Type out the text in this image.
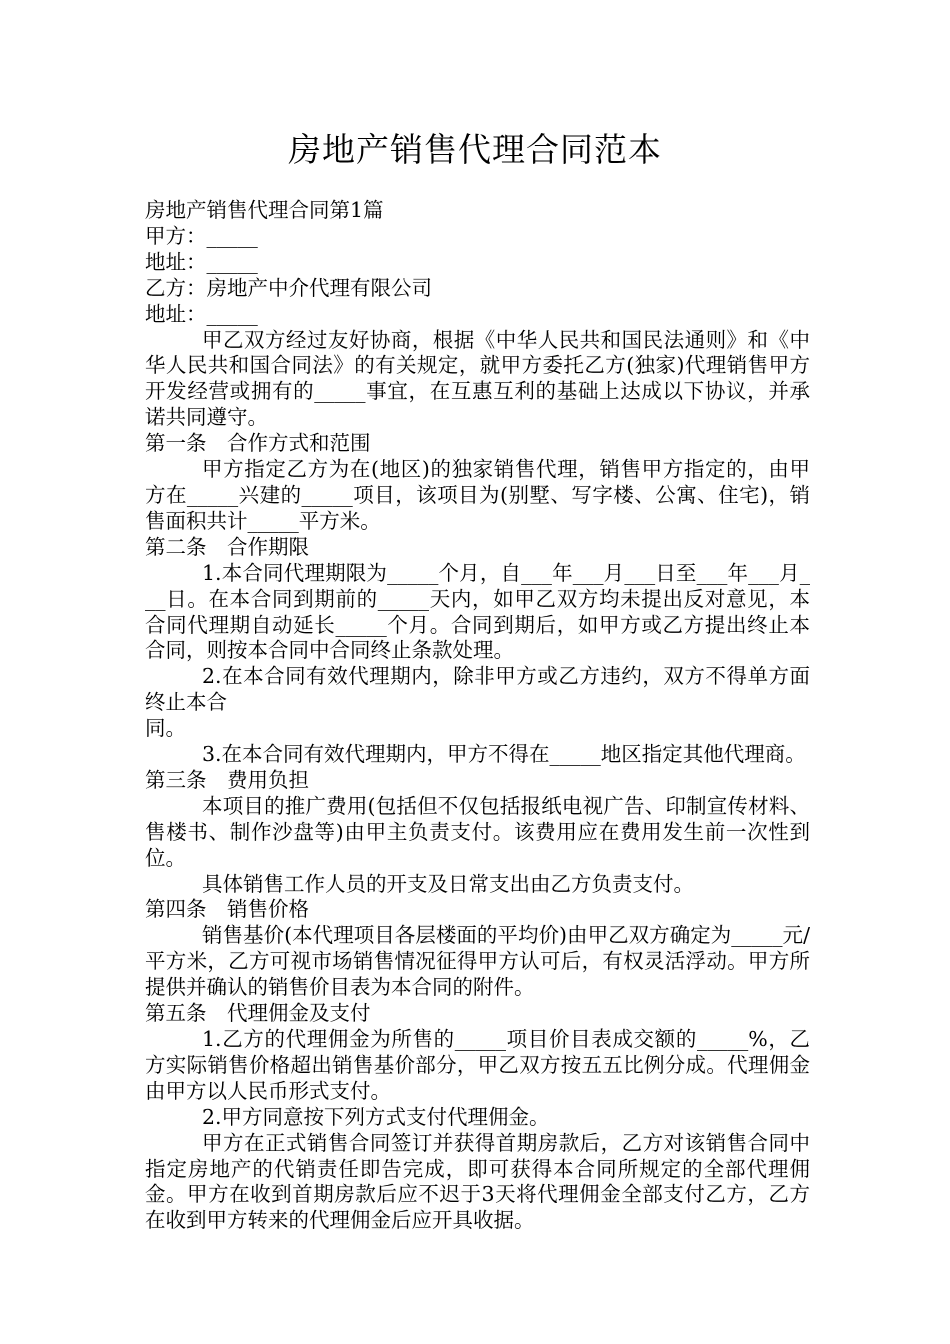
房地产销售代理合同范本

房地产销售代理合同第1篇

甲方：_____

地址：_____

乙方：房地产中介代理有限公司

地址：_____

甲乙双方经过友好协商，根据《中华人民共和国民法通则》和《中华人民共和国合同法》的有关规定，就甲方委托乙方(独家)代理销售甲方开发经营或拥有的_____事宜，在互惠互利的基础上达成以下协议，并承诺共同遵守。

第一条　合作方式和范围

甲方指定乙方为在(地区)的独家销售代理，销售甲方指定的，由甲方在_____兴建的_____项目，该项目为(别墅、写字楼、公寓、住宅)，销售面积共计_____平方米。

第二条　合作期限

1.本合同代理期限为_____个月，自___年___月___日至___年___月___日。在本合同到期前的_____天内，如甲乙双方均未提出反对意见，本合同代理期自动延长_____个月。合同到期后，如甲方或乙方提出终止本合同，则按本合同中合同终止条款处理。

2.在本合同有效代理期内，除非甲方或乙方违约，双方不得单方面终止本合

同。

3.在本合同有效代理期内，甲方不得在_____地区指定其他代理商。

第三条　费用负担

本项目的推广费用(包括但不仅包括报纸电视广告、印制宣传材料、售楼书、制作沙盘等)由甲主负责支付。该费用应在费用发生前一次性到位。

具体销售工作人员的开支及日常支出由乙方负责支付。

第四条　销售价格

销售基价(本代理项目各层楼面的平均价)由甲乙双方确定为_____元/平方米，乙方可视市场销售情况征得甲方认可后，有权灵活浮动。甲方所提供并确认的销售价目表为本合同的附件。

第五条　代理佣金及支付

1.乙方的代理佣金为所售的_____项目价目表成交额的_____%，乙方实际销售价格超出销售基价部分，甲乙双方按五五比例分成。代理佣金由甲方以人民币形式支付。

2.甲方同意按下列方式支付代理佣金。

甲方在正式销售合同签订并获得首期房款后，乙方对该销售合同中指定房地产的代销责任即告完成，即可获得本合同所规定的全部代理佣金。甲方在收到首期房款后应不迟于3天将代理佣金全部支付乙方，乙方在收到甲方转来的代理佣金后应开具收据。
